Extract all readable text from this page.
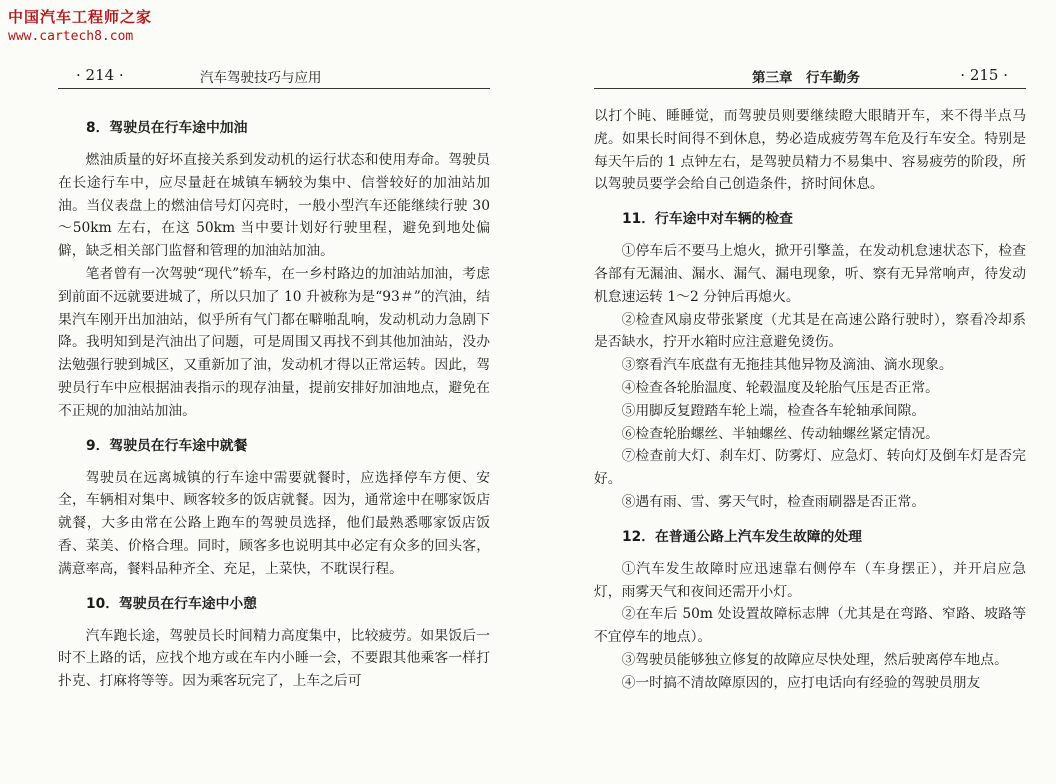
中国汽车工程师之家
www.cartech8.com
· 214 ·	汽车驾驶技巧与应用
8．驾驶员在行车途中加油

燃油质量的好坏直接关系到发动机的运行状态和使用寿命。驾驶员在长途行车中，应尽量赶在城镇车辆较为集中、信誉较好的加油站加油。当仪表盘上的燃油信号灯闪亮时，一般小型汽车还能继续行驶 30～50km 左右，在这 50km 当中要计划好行驶里程，避免到地处偏僻，缺乏相关部门监督和管理的加油站加油。

笔者曾有一次驾驶“现代”轿车，在一乡村路边的加油站加油，考虑到前面不远就要进城了，所以只加了 10 升被称为是“93＃”的汽油，结果汽车刚开出加油站，似乎所有气门都在噼啪乱响，发动机动力急剧下降。我明知到是汽油出了问题，可是周围又再找不到其他加油站，没办法勉强行驶到城区，又重新加了油，发动机才得以正常运转。因此，驾驶员行车中应根据油表指示的现存油量，提前安排好加油地点，避免在不正规的加油站加油。

9．驾驶员在行车途中就餐

驾驶员在远离城镇的行车途中需要就餐时，应选择停车方便、安全，车辆相对集中、顾客较多的饭店就餐。因为，通常途中在哪家饭店就餐，大多由常在公路上跑车的驾驶员选择，他们最熟悉哪家饭店饭香、菜美、价格合理。同时，顾客多也说明其中必定有众多的回头客，满意率高，餐料品种齐全、充足，上菜快，不耽误行程。

10．驾驶员在行车途中小憩

汽车跑长途，驾驶员长时间精力高度集中，比较疲劳。如果饭后一时不上路的话，应找个地方或在车内小睡一会，不要跟其他乘客一样打扑克、打麻将等等。因为乘客玩完了，上车之后可

第三章　行车勤务	· 215 ·

以打个盹、睡睡觉，而驾驶员则要继续瞪大眼睛开车，来不得半点马虎。如果长时间得不到休息，势必造成疲劳驾车危及行车安全。特别是每天午后的 1 点钟左右，是驾驶员精力不易集中、容易疲劳的阶段，所以驾驶员要学会给自己创造条件，挤时间休息。

11．行车途中对车辆的检查

①停车后不要马上熄火，掀开引擎盖，在发动机怠速状态下，检查各部有无漏油、漏水、漏气、漏电现象，听、察有无异常响声，待发动机怠速运转 1～2 分钟后再熄火。

②检查风扇皮带张紧度（尤其是在高速公路行驶时），察看冷却系是否缺水，拧开水箱时应注意避免烫伤。

③察看汽车底盘有无拖挂其他异物及滴油、滴水现象。

④检查各轮胎温度、轮毂温度及轮胎气压是否正常。

⑤用脚反复蹬踏车轮上端，检查各车轮轴承间隙。

⑥检查轮胎螺丝、半轴螺丝、传动轴螺丝紧定情况。

⑦检查前大灯、刹车灯、防雾灯、应急灯、转向灯及倒车灯是否完好。

⑧遇有雨、雪、雾天气时，检查雨刷器是否正常。

12．在普通公路上汽车发生故障的处理

①汽车发生故障时应迅速靠右侧停车（车身摆正），并开启应急灯，雨雾天气和夜间还需开小灯。

②在车后 50m 处设置故障标志牌（尤其是在弯路、窄路、坡路等不宜停车的地点）。

③驾驶员能够独立修复的故障应尽快处理，然后驶离停车地点。

④一时搞不清故障原因的，应打电话向有经验的驾驶员朋友
